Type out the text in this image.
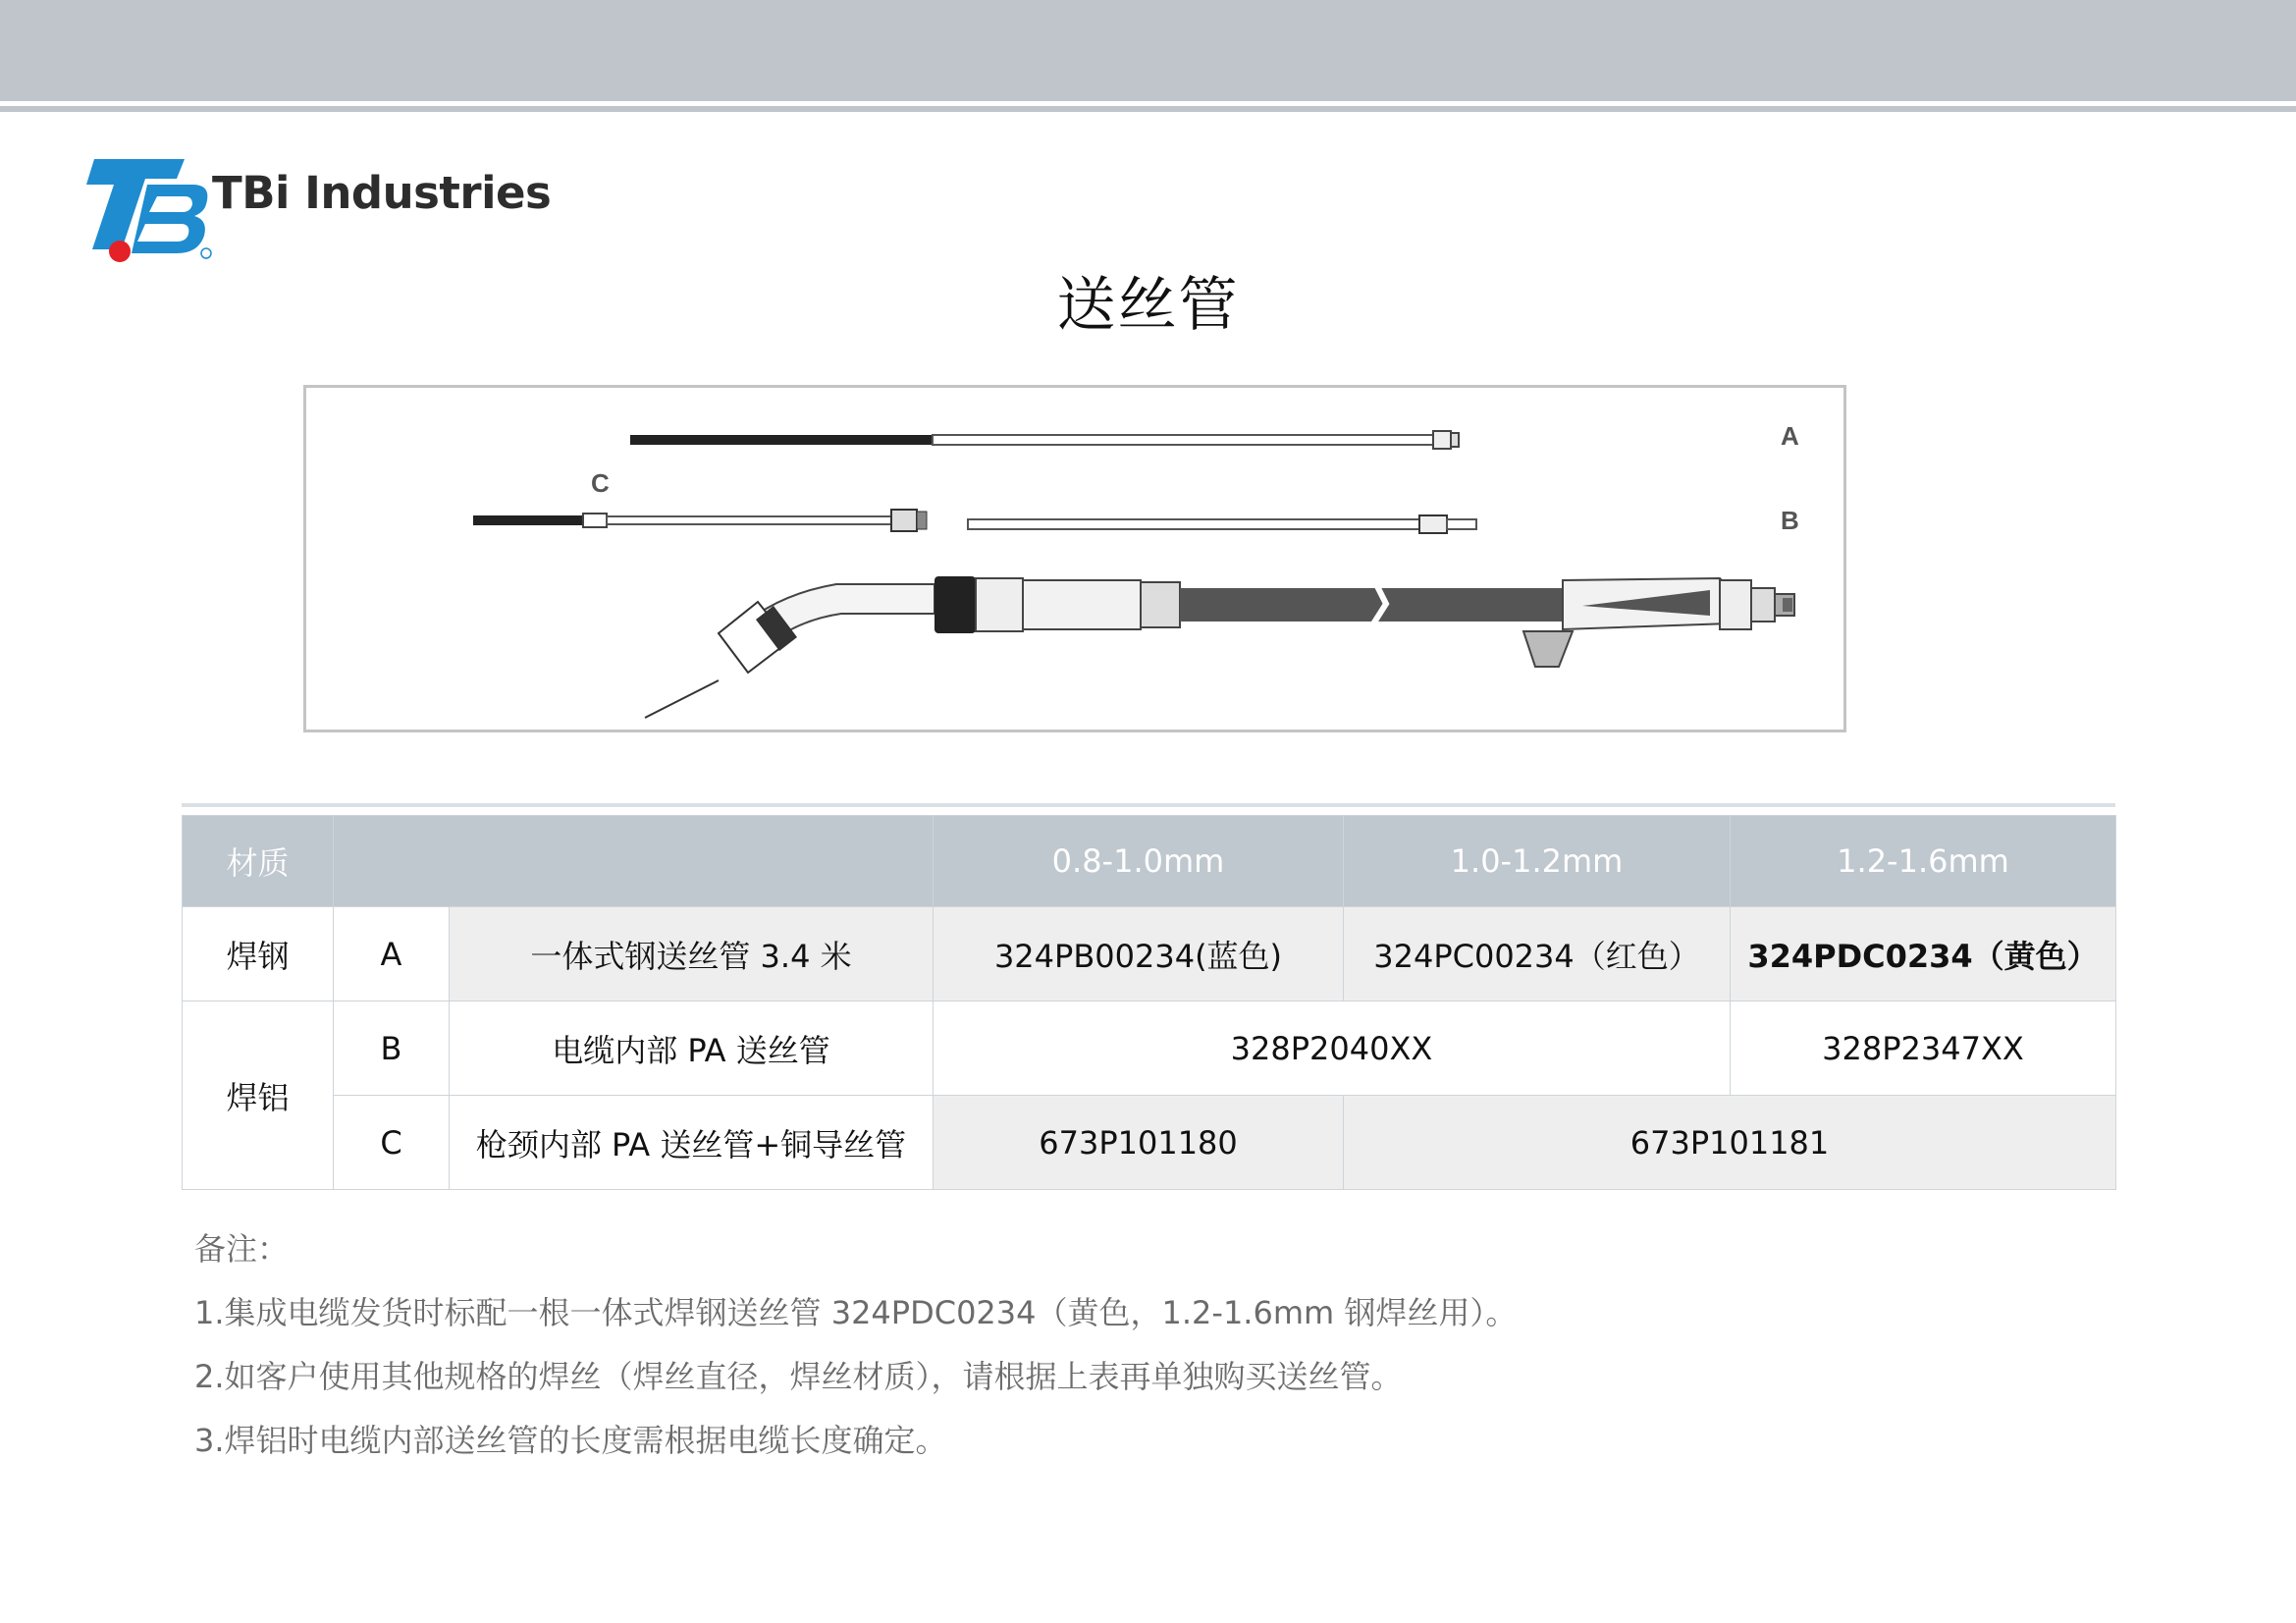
TBi Industries
送丝管
A
C
B
材质			0.8-1.0mm	1.0-1.2mm	1.2-1.6mm
焊钢	A	一体式钢送丝管 3.4 米	324PB00234(蓝色)	324PC00234（红色）	324PDC0234（黄色）
焊铝	B	电缆内部 PA 送丝管	328P2040XX		328P2347XX
	C	枪颈内部 PA 送丝管+铜导丝管	673P101180	673P101181	
备注：
1.集成电缆发货时标配一根一体式焊钢送丝管 324PDC0234（黄色，1.2-1.6mm 钢焊丝用）。
2.如客户使用其他规格的焊丝（焊丝直径，焊丝材质），请根据上表再单独购买送丝管。
3.焊铝时电缆内部送丝管的长度需根据电缆长度确定。
